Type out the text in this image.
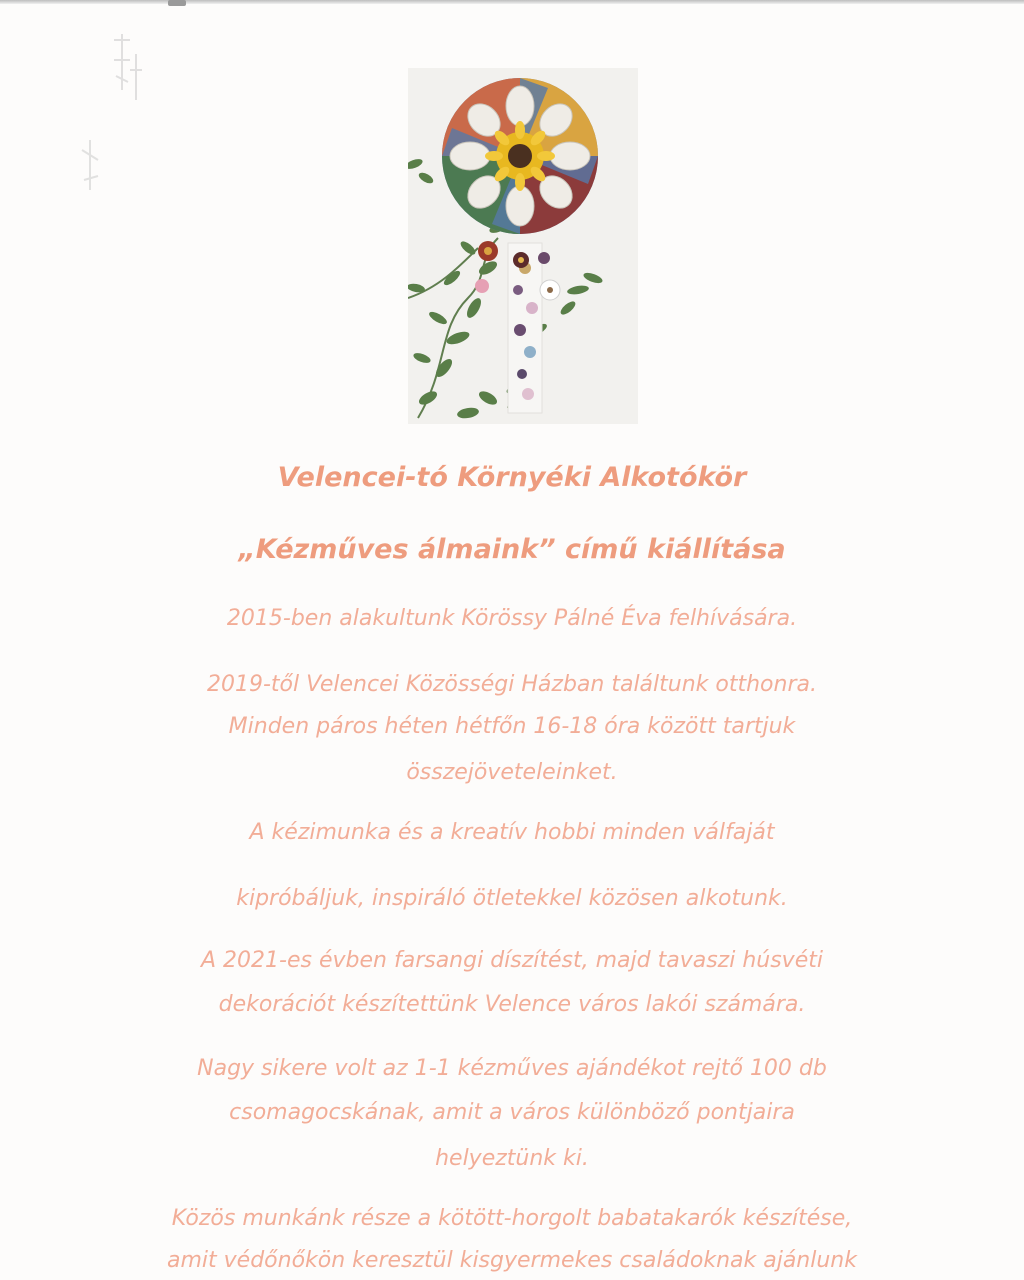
Velencei-tó Környéki Alkotókör
„Kézműves álmaink” című kiállítása
2015-ben alakultunk Körössy Pálné Éva felhívására.
2019-től Velencei Közösségi Házban találtunk otthonra.
Minden páros héten hétfőn 16-18 óra között tartjuk
összejöveteleinket.
A kézimunka és a kreatív hobbi minden válfaját
kipróbáljuk, inspiráló ötletekkel közösen alkotunk.
A 2021-es évben farsangi díszítést, majd tavaszi húsvéti
dekorációt készítettünk Velence város lakói számára.
Nagy sikere volt az 1-1 kézműves ajándékot rejtő 100 db
csomagocskának, amit a város különböző pontjaira
helyeztünk ki.
Közös munkánk része a kötött-horgolt babatakarók készítése,
amit védőnőkön keresztül kisgyermekes családoknak ajánlunk
